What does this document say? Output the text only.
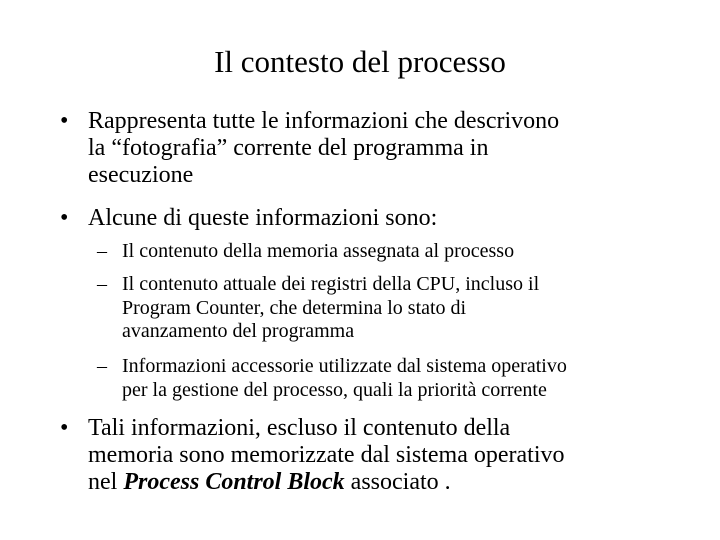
Il contesto del processo
• Rappresenta tutte le informazioni che descrivono
la “fotografia” corrente del programma in
esecuzione
• Alcune di queste informazioni sono:
– Il contenuto della memoria assegnata al processo
– Il contenuto attuale dei registri della CPU, incluso il
Program Counter, che determina lo stato di
avanzamento del programma
– Informazioni accessorie utilizzate dal sistema operativo
per la gestione del processo, quali la priorità corrente
• Tali informazioni, escluso il contenuto della
memoria sono memorizzate dal sistema operativo
nel Process Control Block associato .
